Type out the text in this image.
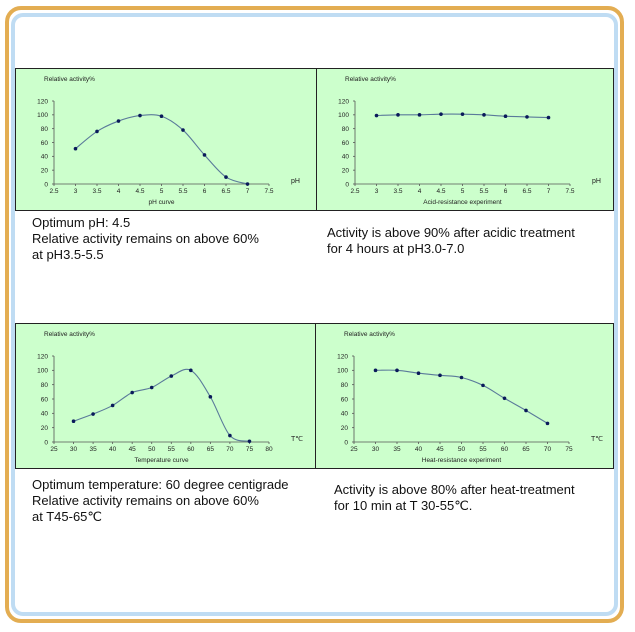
Relative activity%
0
20
40
60
80
100
120
2.5 3 3.5 4 4.5 5 5.5 6 6.5 7 7.5
pH
pH curve
Relative activity%
0
20
40
60
80
100
120
2.5 3 3.5 4 4.5 5 5.5 6 6.5 7 7.5
pH
Acid-resistance experiment
Relative activity%
0
20
40
60
80
100
120
25 30 35 40 45 50 55 60 65 70 75 80
T℃
Temperature curve
Relative activity%
0
20
40
60
80
100
120
25 30 35 40 45 50 55 60 65 70 75
T℃
Heat-resistance experiment
Optimum pH: 4.5
Relative activity remains on above 60%
at pH3.5-5.5
Activity is above 90% after acidic treatment
for 4 hours at pH3.0-7.0
Optimum temperature: 60 degree centigrade
Relative activity remains on above 60%
at T45-65℃
Activity is above 80% after heat-treatment
for 10 min at T 30-55℃.
